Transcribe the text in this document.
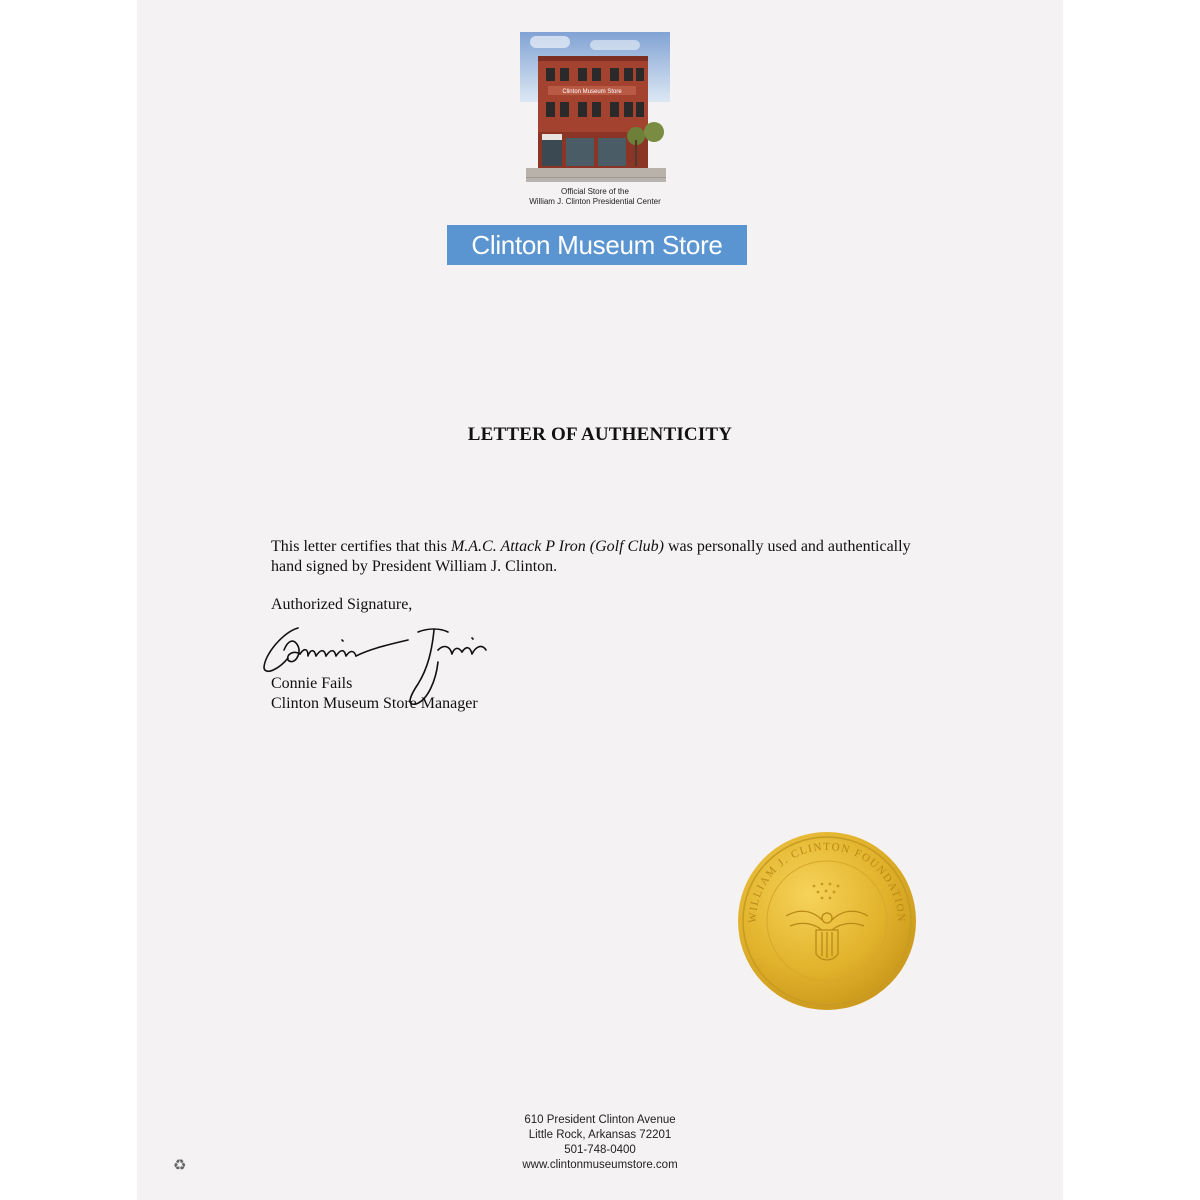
Clinton Museum Store
Official Store of the
William J. Clinton Presidential Center
Clinton Museum Store
LETTER OF AUTHENTICITY
This letter certifies that this M.A.C. Attack P Iron (Golf Club) was personally used and authentically hand signed by President William J. Clinton.
Authorized Signature,
Connie Fails
Clinton Museum Store Manager
WILLIAM J. CLINTON FOUNDATION
610 President Clinton Avenue
Little Rock, Arkansas 72201
501-748-0400
www.clintonmuseumstore.com
♻
